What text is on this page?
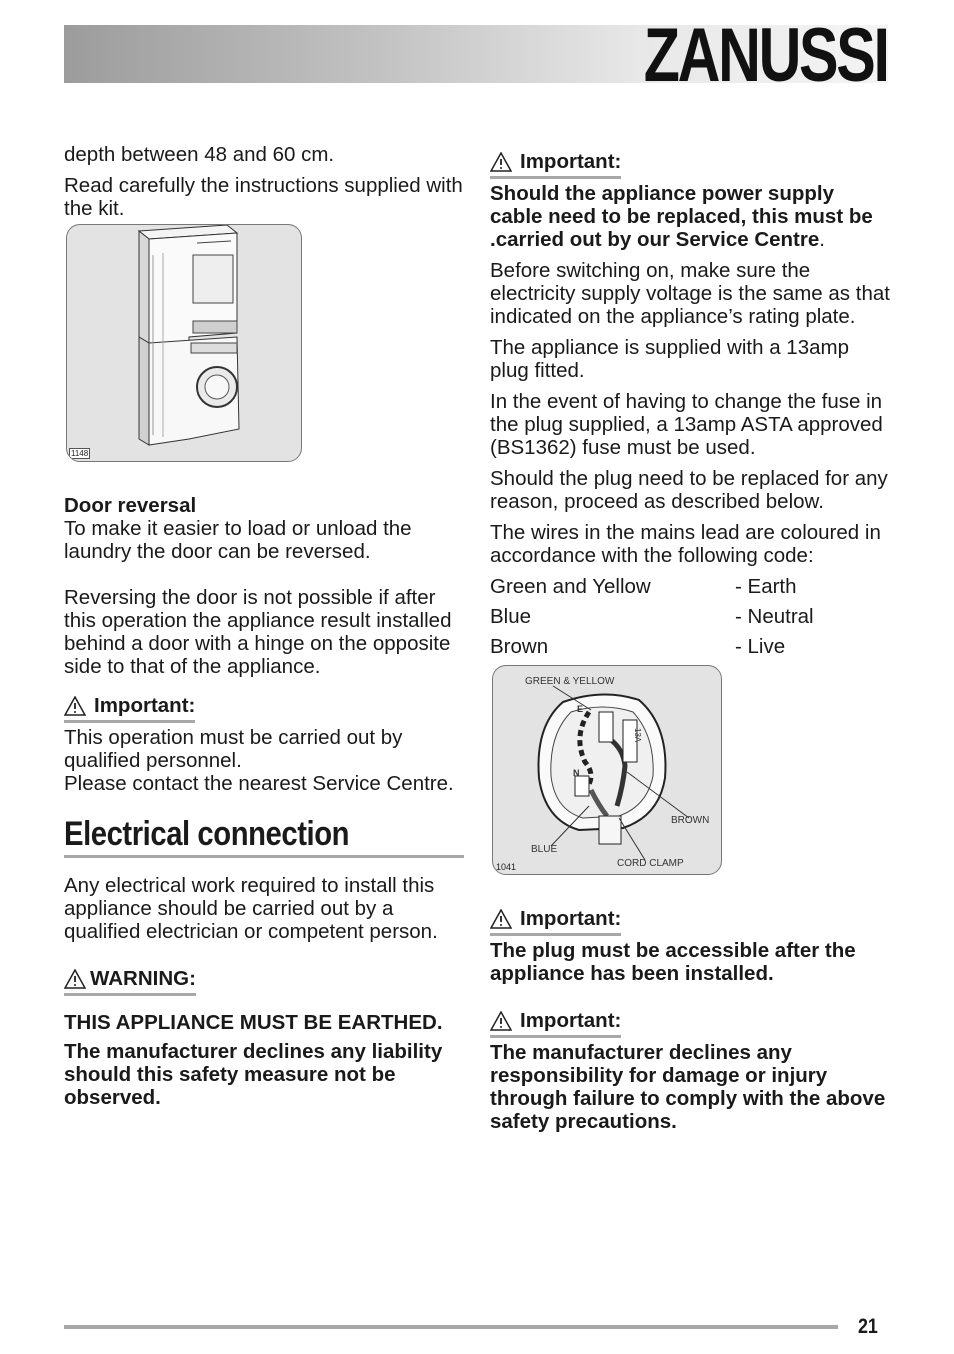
ZANUSSI

depth between 48 and 60 cm.

Read carefully the instructions supplied with the kit.

1148

Door reversal

To make it easier to load or unload the laundry the door can be reversed.

Reversing the door is not possible if after this operation the appliance result installed behind a door with a hinge on the opposite side to that of the appliance.

Important:

This operation must be carried out by qualified personnel.

Please contact the nearest Service Centre.

Electrical connection

Any electrical work required to install this appliance should be carried out by a qualified electrician or competent person.

WARNING:

THIS APPLIANCE MUST BE EARTHED.

The manufacturer declines any liability should this safety measure not be observed.

Important:

Should the appliance power supply cable need to be replaced, this must be .carried out by our Service Centre.

Before switching on, make sure the electricity supply voltage is the same as that indicated on the appliance’s rating plate.

The appliance is supplied with a 13amp plug fitted.

In the event of having to change the fuse in the plug supplied, a 13amp ASTA approved (BS1362) fuse must be used.

Should the plug need to be replaced for any reason, proceed as described below.

The wires in the mains lead are coloured in accordance with the following code:

Green and Yellow	- Earth
Blue	- Neutral
Brown	- Live
GREEN & YELLOW
E
13A
N
BROWN
BLUE
CORD CLAMP
1041
Important:

The plug must be accessible after the appliance has been installed.

Important:

The manufacturer declines any responsibility for damage or injury through failure to comply with the above safety precautions.

21
